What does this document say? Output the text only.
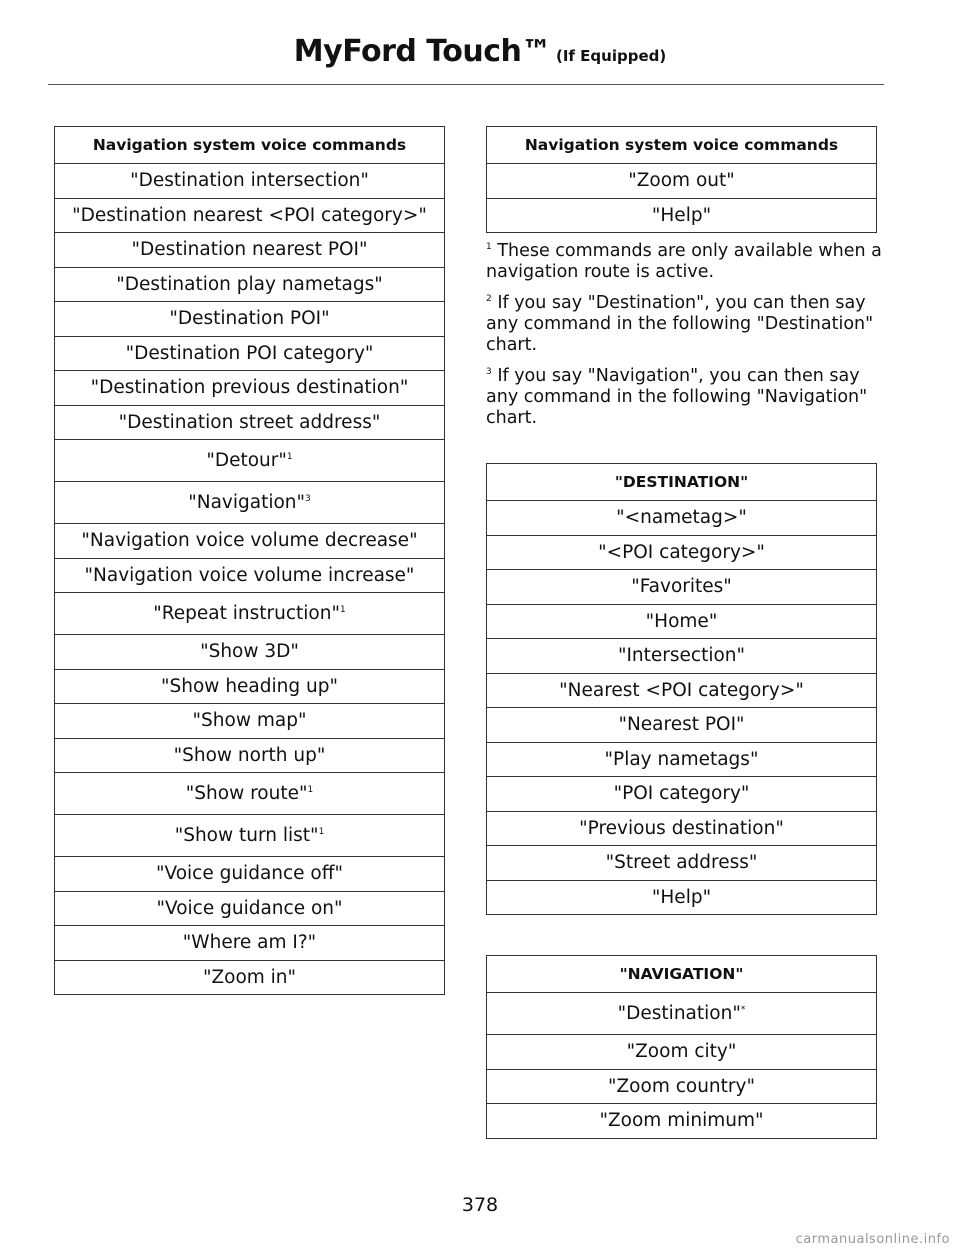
MyFord Touch™ (If Equipped)
Navigation system voice commands
"Destination intersection"
"Destination nearest <POI category>"
"Destination nearest POI"
"Destination play nametags"
"Destination POI"
"Destination POI category"
"Destination previous destination"
"Destination street address"
"Detour"$^1$
"Navigation"$^3$
"Navigation voice volume decrease"
"Navigation voice volume increase"
"Repeat instruction"$^1$
"Show 3D"
"Show heading up"
"Show map"
"Show north up"
"Show route"$^1$
"Show turn list"$^1$
"Voice guidance off"
"Voice guidance on"
"Where am I?"
"Zoom in"
Navigation system voice commands
"Zoom out"
"Help"

$^1$ These commands are only available when a navigation route is active.

$^2$ If you say "Destination", you can then say any command in the following "Destination" chart.

$^3$ If you say "Navigation", you can then say any command in the following "Navigation" chart.

"DESTINATION"
"<nametag>"
"<POI category>"
"Favorites"
"Home"
"Intersection"
"Nearest <POI category>"
"Nearest POI"
"Play nametags"
"POI category"
"Previous destination"
"Street address"
"Help"
"NAVIGATION"
"Destination"*
"Zoom city"
"Zoom country"
"Zoom minimum"
378
carmanualsonline.info
